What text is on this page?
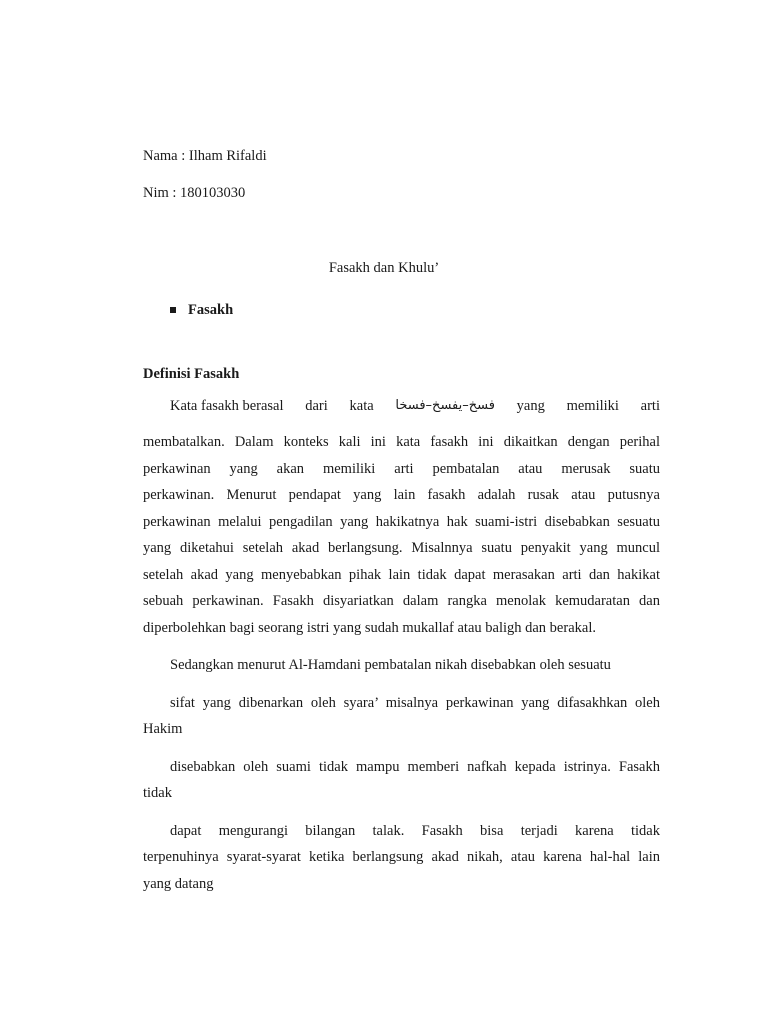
Nama : Ilham Rifaldi
Nim : 180103030
Fasakh dan Khulu’
Fasakh
Definisi Fasakh
Kata fasakh berasal dari kata فسخ–يفسخ–فسخا yang memiliki arti
membatalkan. Dalam konteks kali ini kata fasakh ini dikaitkan dengan perihal
perkawinan yang akan memiliki arti pembatalan atau merusak suatu
perkawinan. Menurut pendapat yang lain fasakh adalah rusak atau putusnya
perkawinan melalui pengadilan yang hakikatnya hak suami-istri disebabkan sesuatu
yang diketahui setelah akad berlangsung. Misalnnya suatu penyakit yang muncul
setelah akad yang menyebabkan pihak lain tidak dapat merasakan arti dan hakikat
sebuah perkawinan. Fasakh disyariatkan dalam rangka menolak kemudaratan dan
diperbolehkan bagi seorang istri yang sudah mukallaf atau baligh dan berakal.
Sedangkan menurut Al-Hamdani pembatalan nikah disebabkan oleh sesuatu
sifat yang dibenarkan oleh syara’ misalnya perkawinan yang difasakhkan oleh
Hakim
disebabkan oleh suami tidak mampu memberi nafkah kepada istrinya. Fasakh
tidak
dapat mengurangi bilangan talak. Fasakh bisa terjadi karena tidak
terpenuhinya syarat-syarat ketika berlangsung akad nikah, atau karena hal-hal lain
yang datang
